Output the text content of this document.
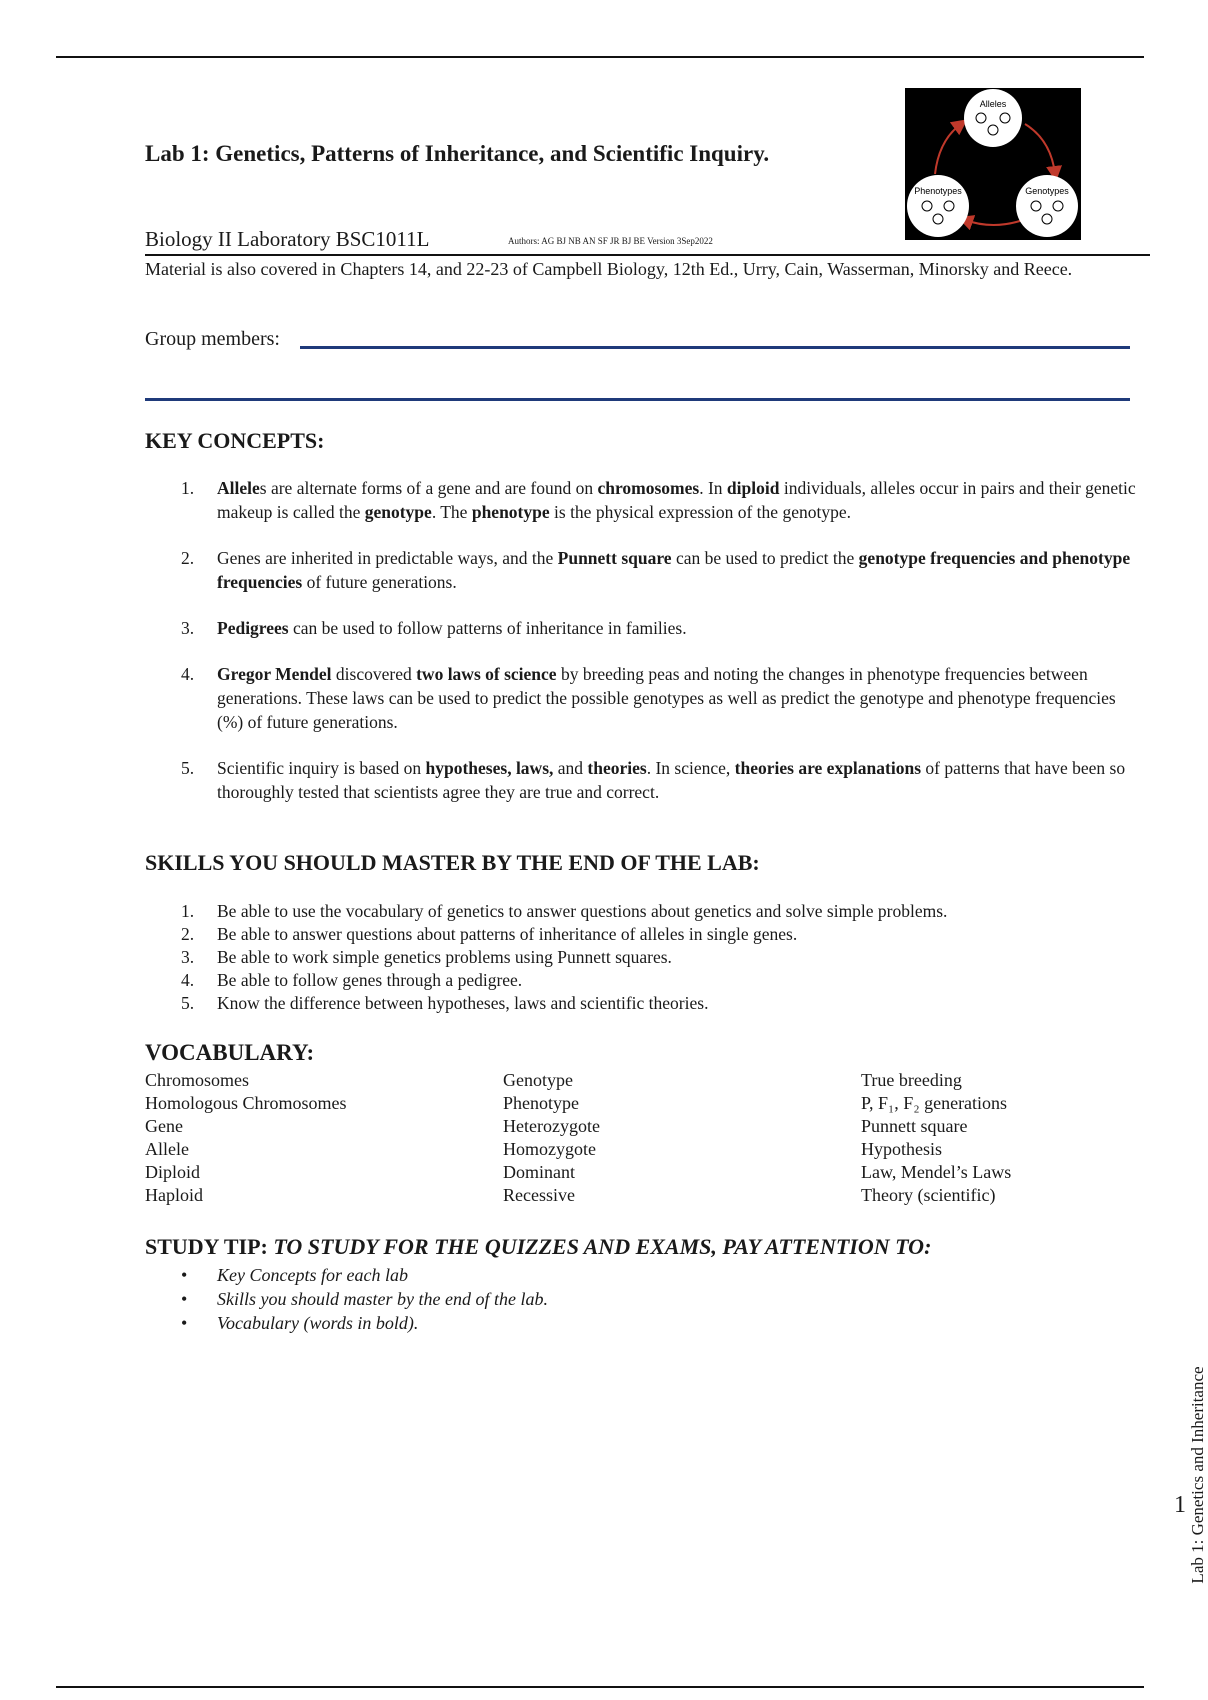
Lab 1: Genetics, Patterns of Inheritance, and Scientific Inquiry.
Alleles
Genotypes
Phenotypes
Biology II Laboratory BSC1011L	Authors: AG BJ NB AN SF JR BJ BE Version 3Sep2022
Material is also covered in Chapters 14, and 22-23 of Campbell Biology, 12th Ed., Urry, Cain, Wasserman, Minorsky and Reece.
Group members:
KEY CONCEPTS:
1. Alleles are alternate forms of a gene and are found on chromosomes. In diploid individuals, alleles occur in pairs and their genetic makeup is called the genotype. The phenotype is the physical expression of the genotype.
2. Genes are inherited in predictable ways, and the Punnett square can be used to predict the genotype frequencies and phenotype frequencies of future generations.
3. Pedigrees can be used to follow patterns of inheritance in families.
4. Gregor Mendel discovered two laws of science by breeding peas and noting the changes in phenotype frequencies between generations. These laws can be used to predict the possible genotypes as well as predict the genotype and phenotype frequencies (%) of future generations.
5. Scientific inquiry is based on hypotheses, laws, and theories. In science, theories are explanations of patterns that have been so thoroughly tested that scientists agree they are true and correct.
SKILLS YOU SHOULD MASTER BY THE END OF THE LAB:
1. Be able to use the vocabulary of genetics to answer questions about genetics and solve simple problems.
2. Be able to answer questions about patterns of inheritance of alleles in single genes.
3. Be able to work simple genetics problems using Punnett squares.
4. Be able to follow genes through a pedigree.
5. Know the difference between hypotheses, laws and scientific theories.
VOCABULARY:
Chromosomes
Homologous Chromosomes
Gene
Allele
Diploid
Haploid
Genotype
Phenotype
Heterozygote
Homozygote
Dominant
Recessive
True breeding
P, F₁, F₂ generations
Punnett square
Hypothesis
Law, Mendel’s Laws
Theory (scientific)
STUDY TIP: TO STUDY FOR THE QUIZZES AND EXAMS, PAY ATTENTION TO:
• Key Concepts for each lab
• Skills you should master by the end of the lab.
• Vocabulary (words in bold).
Lab 1: Genetics and Inheritance
1
